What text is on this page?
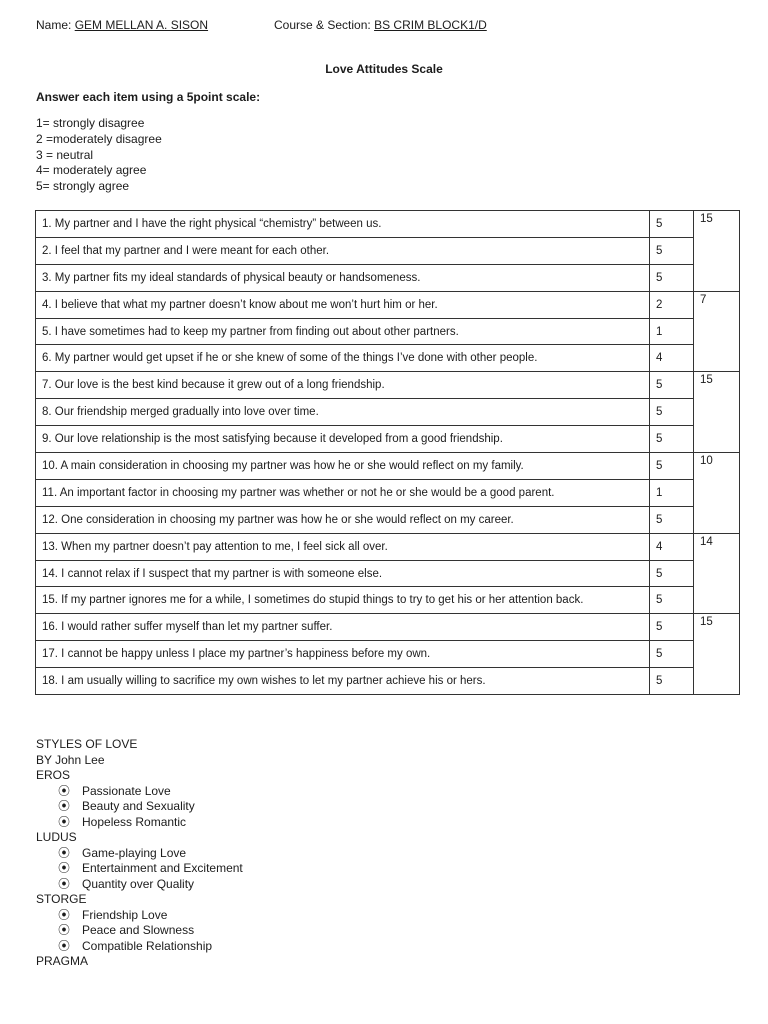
Name: GEM MELLAN A. SISON	Course & Section: BS CRIM BLOCK1/D
Love Attitudes Scale
Answer each item using a 5point scale:
1= strongly disagree
2 =moderately disagree
3 = neutral
4= moderately agree
5= strongly agree
1. My partner and I have the right physical “chemistry” between us.	5	15
2. I feel that my partner and I were meant for each other.	5	
3. My partner fits my ideal standards of physical beauty or handsomeness.	5	
4. I believe that what my partner doesn’t know about me won’t hurt him or her.	2	7
5. I have sometimes had to keep my partner from finding out about other partners.	1	
6. My partner would get upset if he or she knew of some of the things I’ve done with other people.	4	
7. Our love is the best kind because it grew out of a long friendship.	5	15
8. Our friendship merged gradually into love over time.	5	
9. Our love relationship is the most satisfying because it developed from a good friendship.	5	
10. A main consideration in choosing my partner was how he or she would reflect on my family.	5	10
11. An important factor in choosing my partner was whether or not he or she would be a good parent.	1	
12. One consideration in choosing my partner was how he or she would reflect on my career.	5	
13. When my partner doesn’t pay attention to me, I feel sick all over.	4	14
14. I cannot relax if I suspect that my partner is with someone else.	5	
15. If my partner ignores me for a while, I sometimes do stupid things to try to get his or her attention back.	5	
16. I would rather suffer myself than let my partner suffer.	5	15
17. I cannot be happy unless I place my partner’s happiness before my own.	5	
18. I am usually willing to sacrifice my own wishes to let my partner achieve his or hers.	5	
STYLES OF LOVE
BY John Lee
EROS
⦿ Passionate Love
⦿ Beauty and Sexuality
⦿ Hopeless Romantic
LUDUS
⦿ Game-playing Love
⦿ Entertainment and Excitement
⦿ Quantity over Quality
STORGE
⦿ Friendship Love
⦿ Peace and Slowness
⦿ Compatible Relationship
PRAGMA
